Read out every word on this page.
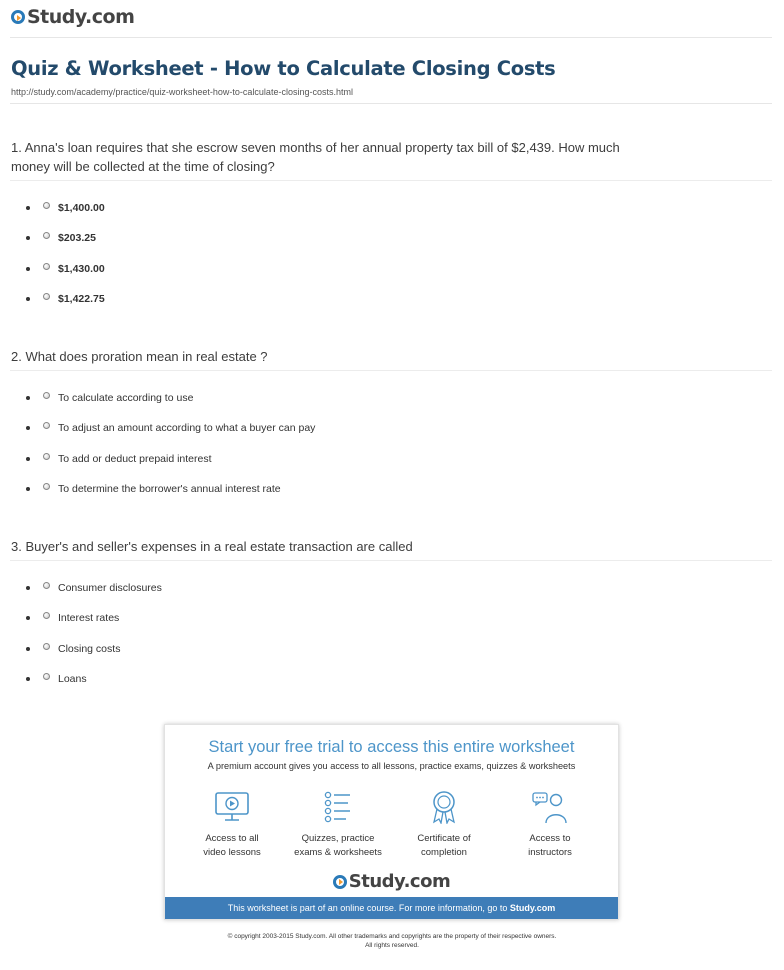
Study.com
Quiz & Worksheet - How to Calculate Closing Costs
http://study.com/academy/practice/quiz-worksheet-how-to-calculate-closing-costs.html
1. Anna's loan requires that she escrow seven months of her annual property tax bill of $2,439. How much money will be collected at the time of closing?
$1,400.00
$203.25
$1,430.00
$1,422.75
2. What does proration mean in real estate ?
To calculate according to use
To adjust an amount according to what a buyer can pay
To add or deduct prepaid interest
To determine the borrower's annual interest rate
3. Buyer's and seller's expenses in a real estate transaction are called
Consumer disclosures
Interest rates
Closing costs
Loans
Start your free trial to access this entire worksheet
A premium account gives you access to all lessons, practice exams, quizzes & worksheets
Access to all
video lessons
Quizzes, practice
exams & worksheets
Certificate of
completion
Access to
instructors
Study.com
This worksheet is part of an online course. For more information, go to Study.com
© copyright 2003-2015 Study.com. All other trademarks and copyrights are the property of their respective owners.
All rights reserved.
